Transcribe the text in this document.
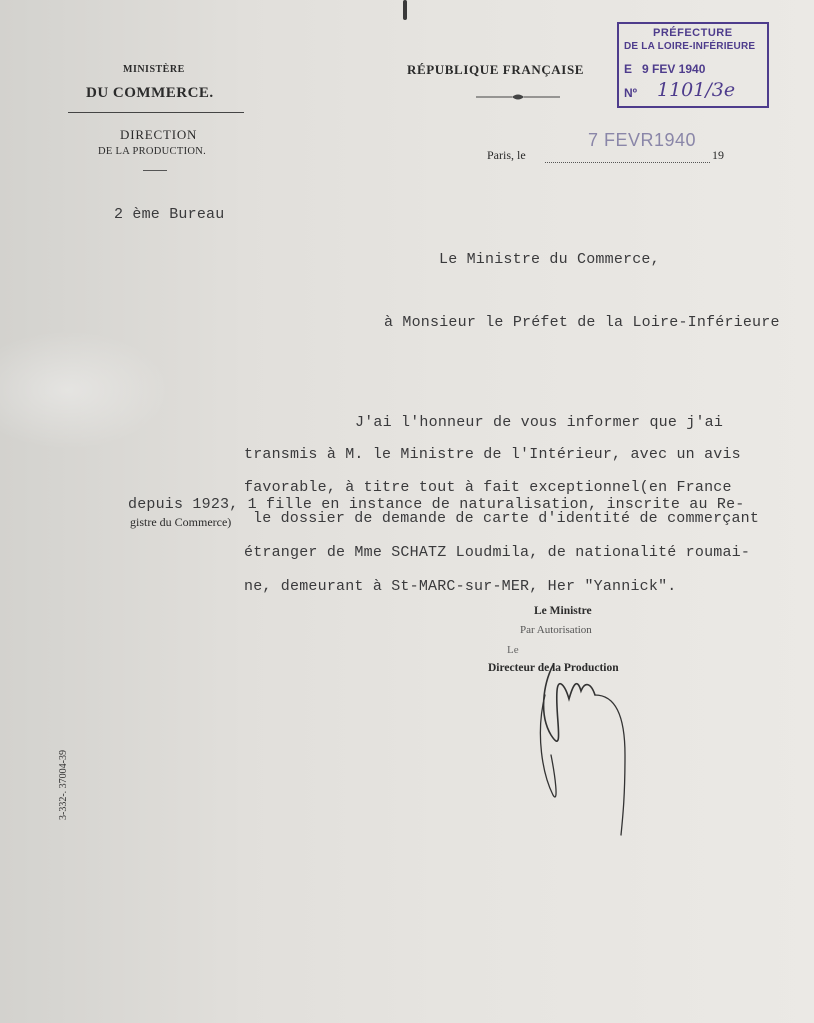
MINISTÈRE
DU COMMERCE.
DIRECTION
DE LA PRODUCTION.
RÉPUBLIQUE FRANÇAISE
Paris, le	19
7 FEVR1940
PRÉFECTURE
DE LA LOIRE-INFÉRIEURE
E   9 FEV 1940
Nº 1101/3e
2 ème Bureau
Le Ministre du Commerce,
à Monsieur le Préfet de la Loire-Inférieure
J'ai l'honneur de vous informer que j'ai
transmis à M. le Ministre de l'Intérieur, avec un avis
favorable, à titre tout à fait exceptionnel(en France
depuis 1923, 1 fille en instance de naturalisation, inscrite au Re-
gistre du Commerce) le dossier de demande de carte d'identité de commerçant
étranger de Mme SCHATZ Loudmila, de nationalité roumai-
ne, demeurant à St-MARC-sur-MER, Her "Yannick".
Le Ministre
Par Autorisation
Le
Directeur de la Production
3-332-. 37004-39
